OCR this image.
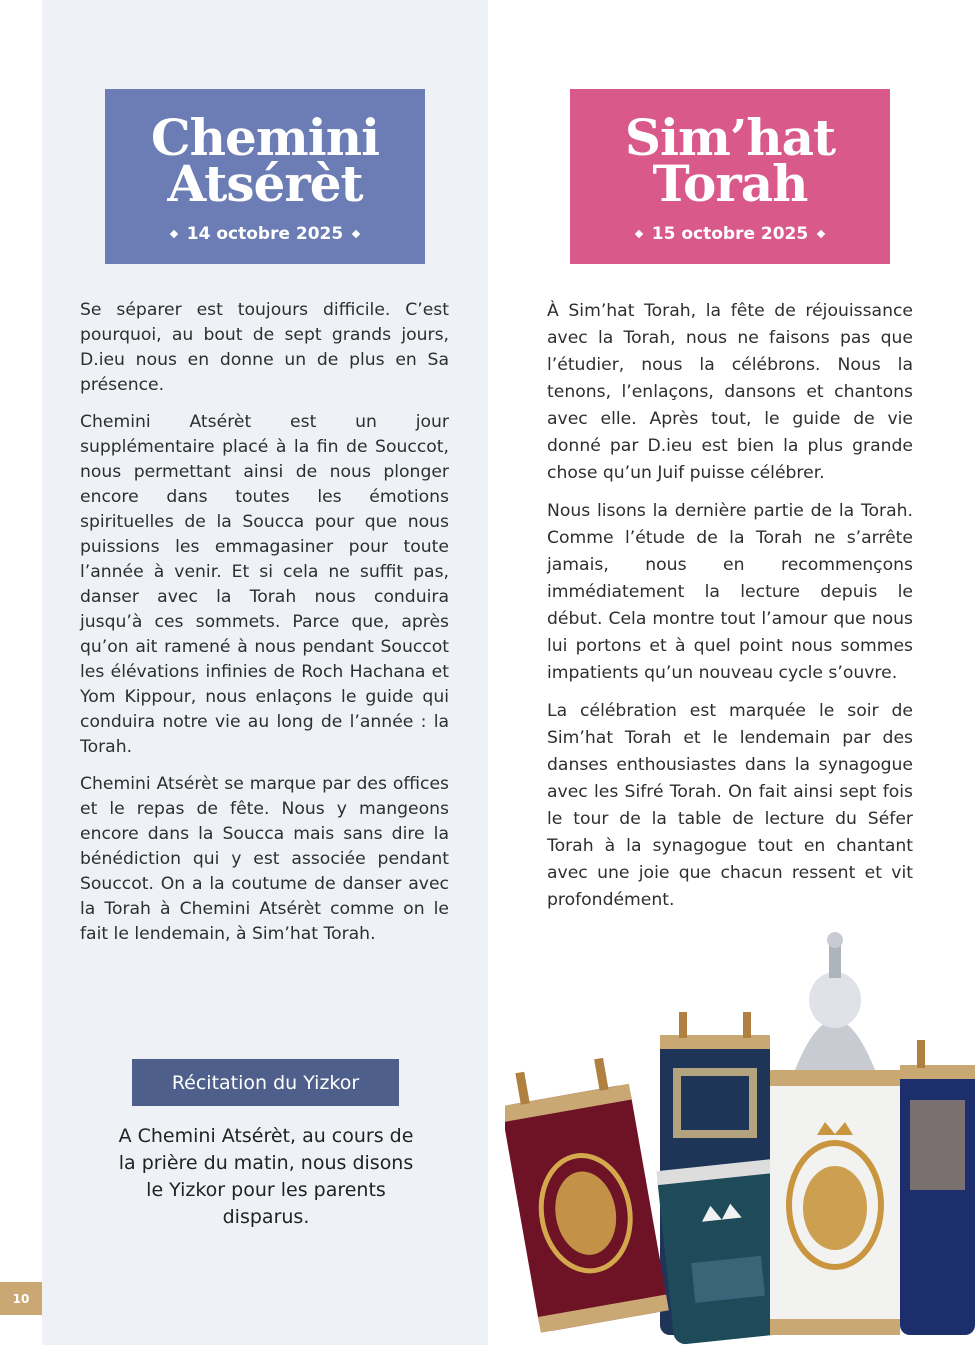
Chemini
Atsérèt
14 octobre 2025
Sim’hat
Torah
15 octobre 2025

Se séparer est toujours difficile. C’est pourquoi, au bout de sept grands jours, D.ieu nous en donne un de plus en Sa présence.

Chemini Atsérèt est un jour supplémentaire placé à la fin de Souccot, nous permettant ainsi de nous plonger encore dans toutes les émotions spirituelles de la Soucca pour que nous puissions les emmagasiner pour toute l’année à venir. Et si cela ne suffit pas, danser avec la Torah nous conduira jusqu’à ces sommets. Parce que, après qu’on ait ramené à nous pendant Souccot les élévations infinies de Roch Hachana et Yom Kippour, nous enlaçons le guide qui conduira notre vie au long de l’année : la Torah.

Chemini Atsérèt se marque par des offices et le repas de fête. Nous y mangeons encore dans la Soucca mais sans dire la bénédiction qui y est associée pendant Souccot. On a la coutume de danser avec la Torah à Chemini Atsérèt comme on le fait le lendemain, à Sim’hat Torah.

À Sim’hat Torah, la fête de réjouissance avec la Torah, nous ne faisons pas que l’étudier, nous la célébrons. Nous la tenons, l’enlaçons, dansons et chantons avec elle. Après tout, le guide de vie donné par D.ieu est bien la plus grande chose qu’un Juif puisse célébrer.

Nous lisons la dernière partie de la Torah. Comme l’étude de la Torah ne s’arrête jamais, nous en recommençons immédiatement la lecture depuis le début. Cela montre tout l’amour que nous lui portons et à quel point nous sommes impatients qu’un nouveau cycle s’ouvre.

La célébration est marquée le soir de Sim’hat Torah et le lendemain par des danses enthousiastes dans la synagogue avec les Sifré Torah. On fait ainsi sept fois le tour de la table de lecture du Séfer Torah à la synagogue tout en chantant avec une joie que chacun ressent et vit profondément.

Récitation du Yizkor
A Chemini Atsérèt, au cours de la prière du matin, nous disons le Yizkor pour les parents disparus.
10
